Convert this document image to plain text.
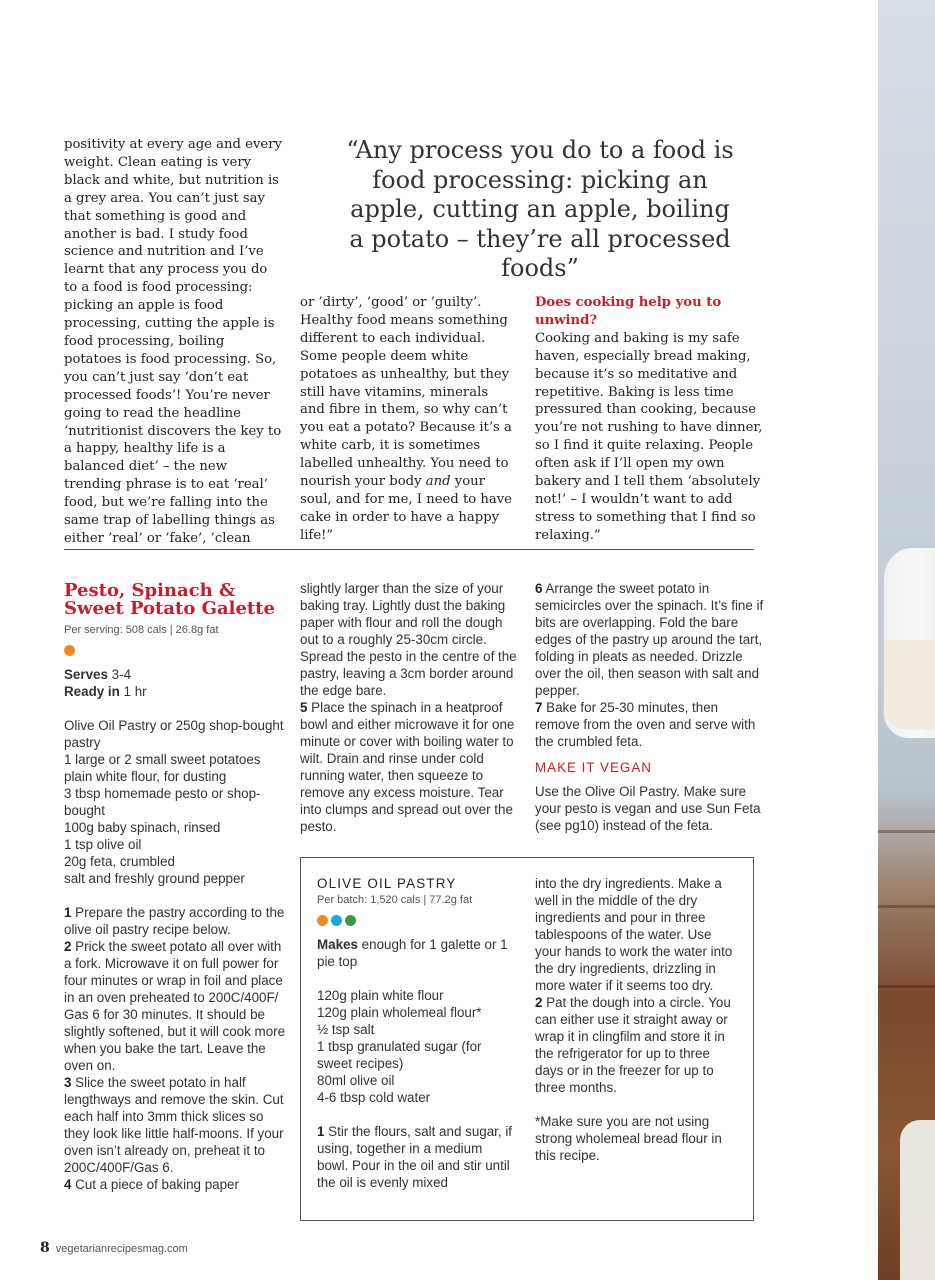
positivity at every age and every weight. Clean eating is very black and white, but nutrition is a grey area. You can’t just say that something is good and another is bad. I study food science and nutrition and I’ve learnt that any process you do to a food is food processing: picking an apple is food processing, cutting the apple is food processing, boiling potatoes is food processing. So, you can’t just say ‘don’t eat processed foods’! You’re never going to read the headline ‘nutritionist discovers the key to a happy, healthy life is a balanced diet’ – the new trending phrase is to eat ‘real’ food, but we’re falling into the same trap of labelling things as either ’real’ or ’fake’, ’clean

“Any process you do to a food is food processing: picking an apple, cutting an apple, boiling a potato – they’re all processed foods”

or ’dirty’, ’good’ or ’guilty’. Healthy food means something different to each individual. Some people deem white potatoes as unhealthy, but they still have vitamins, minerals and fibre in them, so why can’t you eat a potato? Because it’s a white carb, it is sometimes labelled unhealthy. You need to nourish your body and your soul, and for me, I need to have cake in order to have a happy life!”

Does cooking help you to unwind?

Cooking and baking is my safe haven, especially bread making, because it’s so meditative and repetitive. Baking is less time pressured than cooking, because you’re not rushing to have dinner, so I find it quite relaxing. People often ask if I’ll open my own bakery and I tell them ‘absolutely not!’ – I wouldn’t want to add stress to something that I find so relaxing.”

Pesto, Spinach & Sweet Potato Galette

Per serving: 508 cals | 26.8g fat

Serves 3-4

Ready in 1 hr

Olive Oil Pastry or 250g shop-bought pastry

1 large or 2 small sweet potatoes

plain white flour, for dusting

3 tbsp homemade pesto or shop-bought

100g baby spinach, rinsed

1 tsp olive oil

20g feta, crumbled

salt and freshly ground pepper

1 Prepare the pastry according to the olive oil pastry recipe below.

2 Prick the sweet potato all over with a fork. Microwave it on full power for four minutes or wrap in foil and place in an oven preheated to 200C/400F/ Gas 6 for 30 minutes. It should be slightly softened, but it will cook more when you bake the tart. Leave the oven on.

3 Slice the sweet potato in half lengthways and remove the skin. Cut each half into 3mm thick slices so they look like little half-moons. If your oven isn’t already on, preheat it to 200C/400F/Gas 6.

4 Cut a piece of baking paper

slightly larger than the size of your baking tray. Lightly dust the baking paper with flour and roll the dough out to a roughly 25-30cm circle. Spread the pesto in the centre of the pastry, leaving a 3cm border around the edge bare.

5 Place the spinach in a heatproof bowl and either microwave it for one minute or cover with boiling water to wilt. Drain and rinse under cold running water, then squeeze to remove any excess moisture. Tear into clumps and spread out over the pesto.

6 Arrange the sweet potato in semicircles over the spinach. It’s fine if bits are overlapping. Fold the bare edges of the pastry up around the tart, folding in pleats as needed. Drizzle over the oil, then season with salt and pepper.

7 Bake for 25-30 minutes, then remove from the oven and serve with the crumbled feta.

MAKE IT VEGAN
Use the Olive Oil Pastry. Make sure your pesto is vegan and use Sun Feta (see pg10) instead of the feta.

OLIVE OIL PASTRY

Per batch: 1,520 cals | 77.2g fat

Makes enough for 1 galette or 1 pie top

120g plain white flour

120g plain wholemeal flour*

½ tsp salt

1 tbsp granulated sugar (for sweet recipes)

80ml olive oil

4-6 tbsp cold water

1 Stir the flours, salt and sugar, if using, together in a medium bowl. Pour in the oil and stir until the oil is evenly mixed

into the dry ingredients. Make a well in the middle of the dry ingredients and pour in three tablespoons of the water. Use your hands to work the water into the dry ingredients, drizzling in more water if it seems too dry.

2 Pat the dough into a circle. You can either use it straight away or wrap it in clingfilm and store it in the refrigerator for up to three days or in the freezer for up to three months.

*Make sure you are not using strong wholemeal bread flour in this recipe.

8 vegetarianrecipesmag.com
